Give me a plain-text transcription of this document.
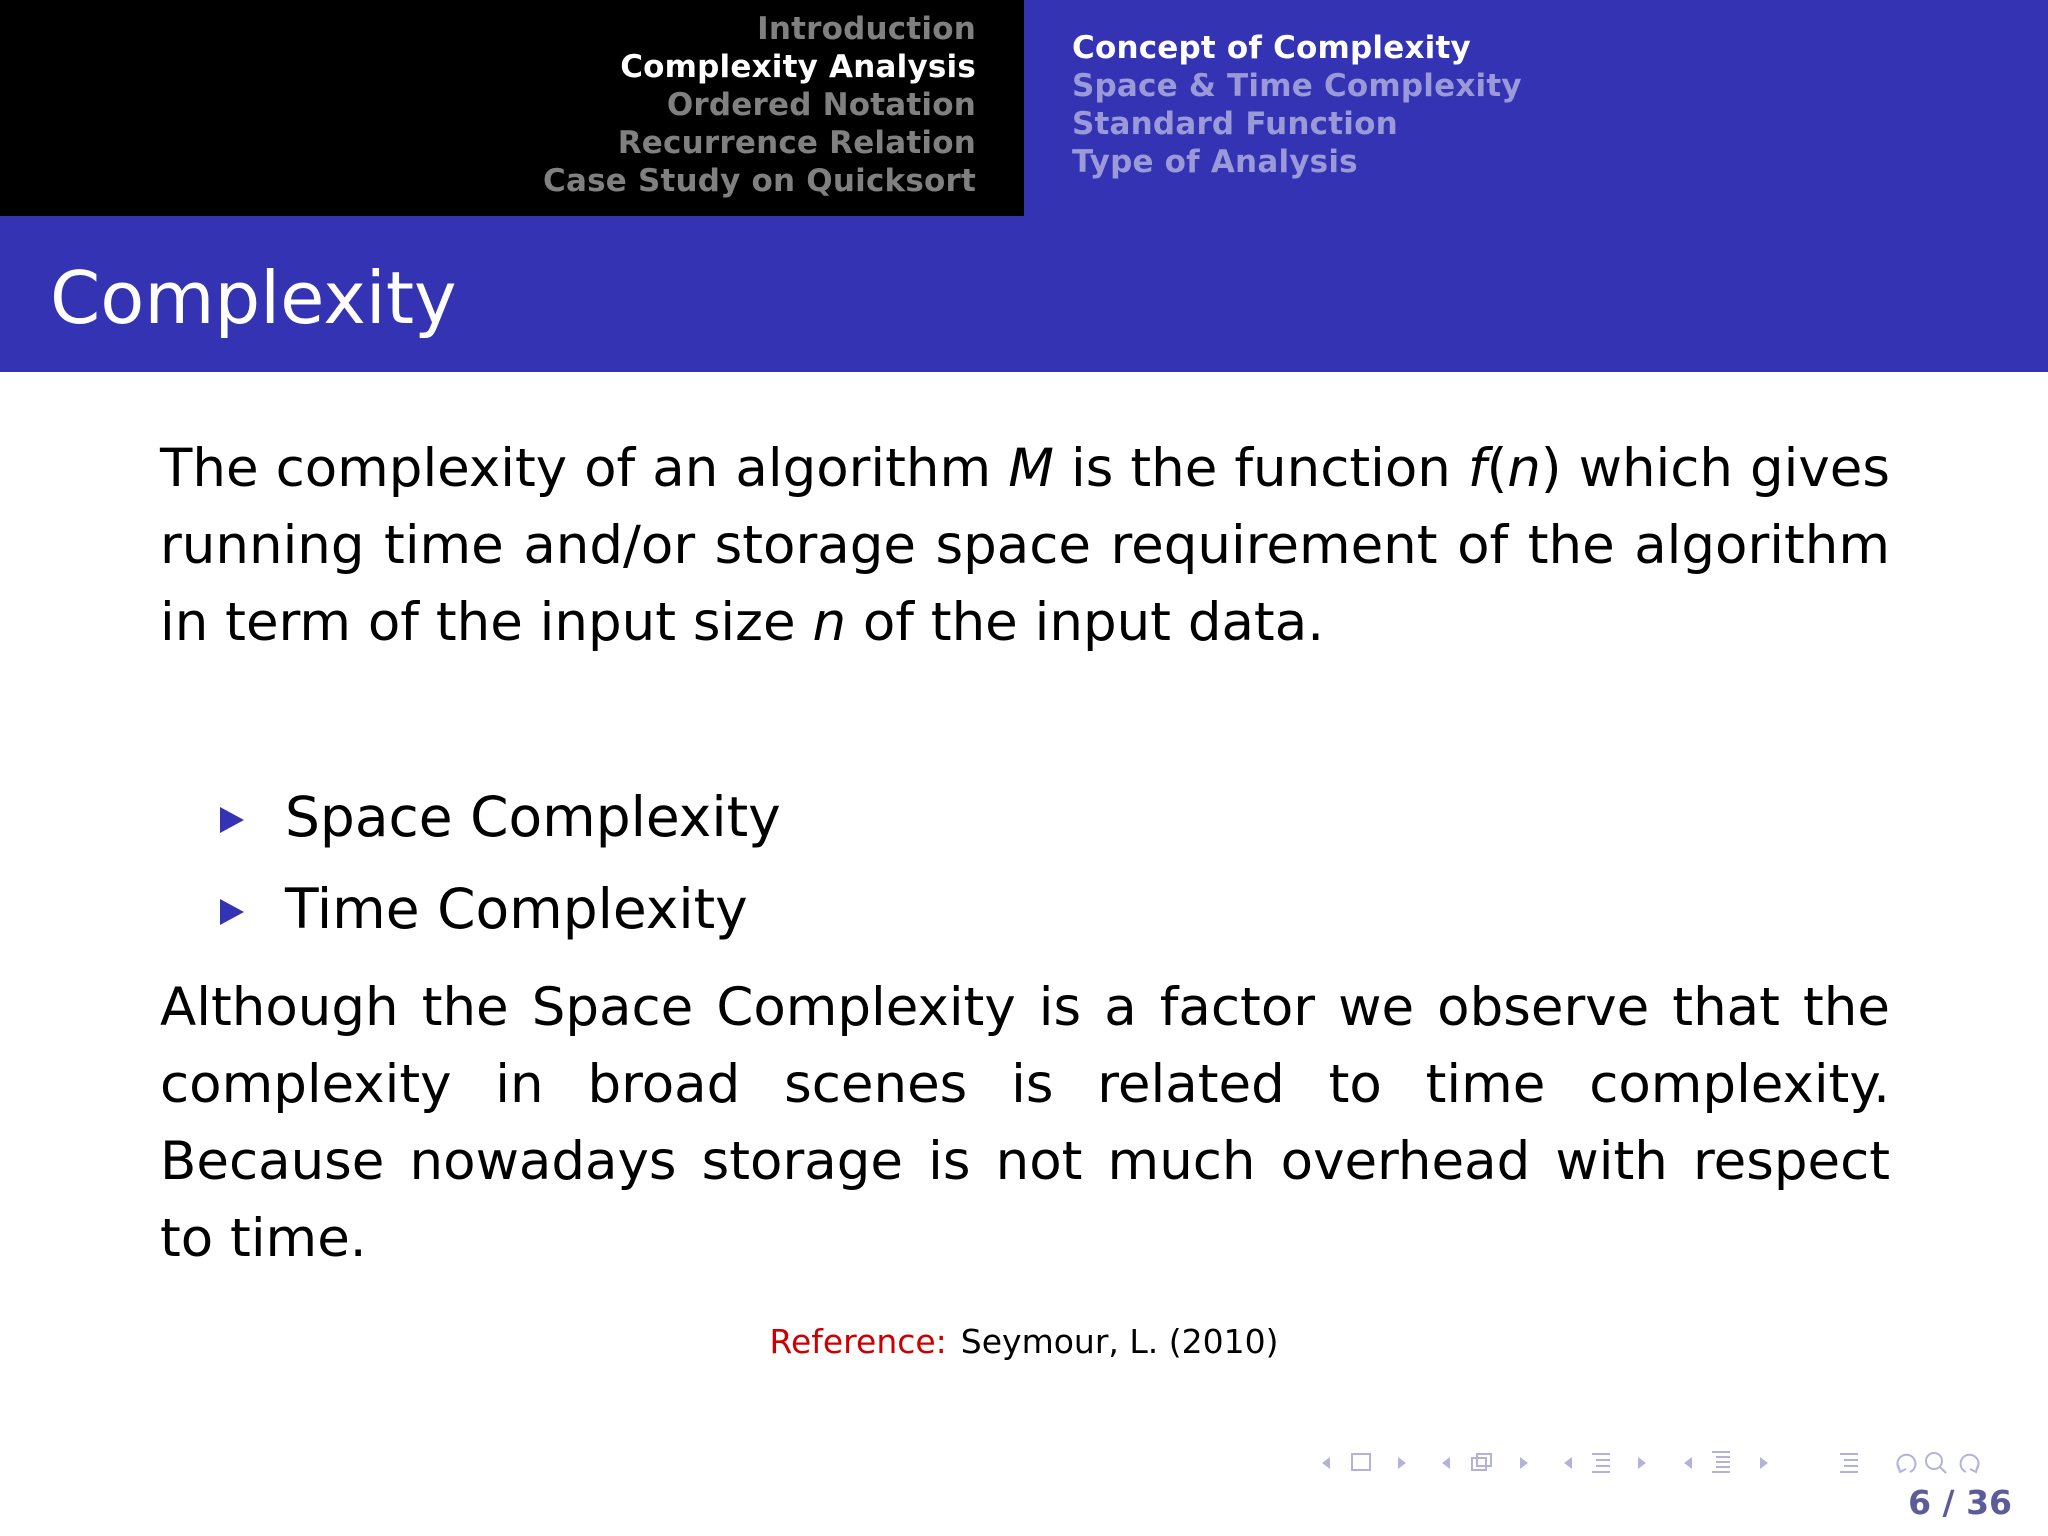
Introduction
Complexity Analysis
Ordered Notation
Recurrence Relation
Case Study on Quicksort
Concept of Complexity
Space & Time Complexity
Standard Function
Type of Analysis
Complexity

The complexity of an algorithm M is the function f(n) which gives running time and/or storage space requirement of the algorithm in term of the input size n of the input data.

Space Complexity
Time Complexity

Although the Space Complexity is a factor we observe that the complexity in broad scenes is related to time complexity. Because nowadays storage is not much overhead with respect to time.

Reference: Seymour, L. (2010)
6 / 36
